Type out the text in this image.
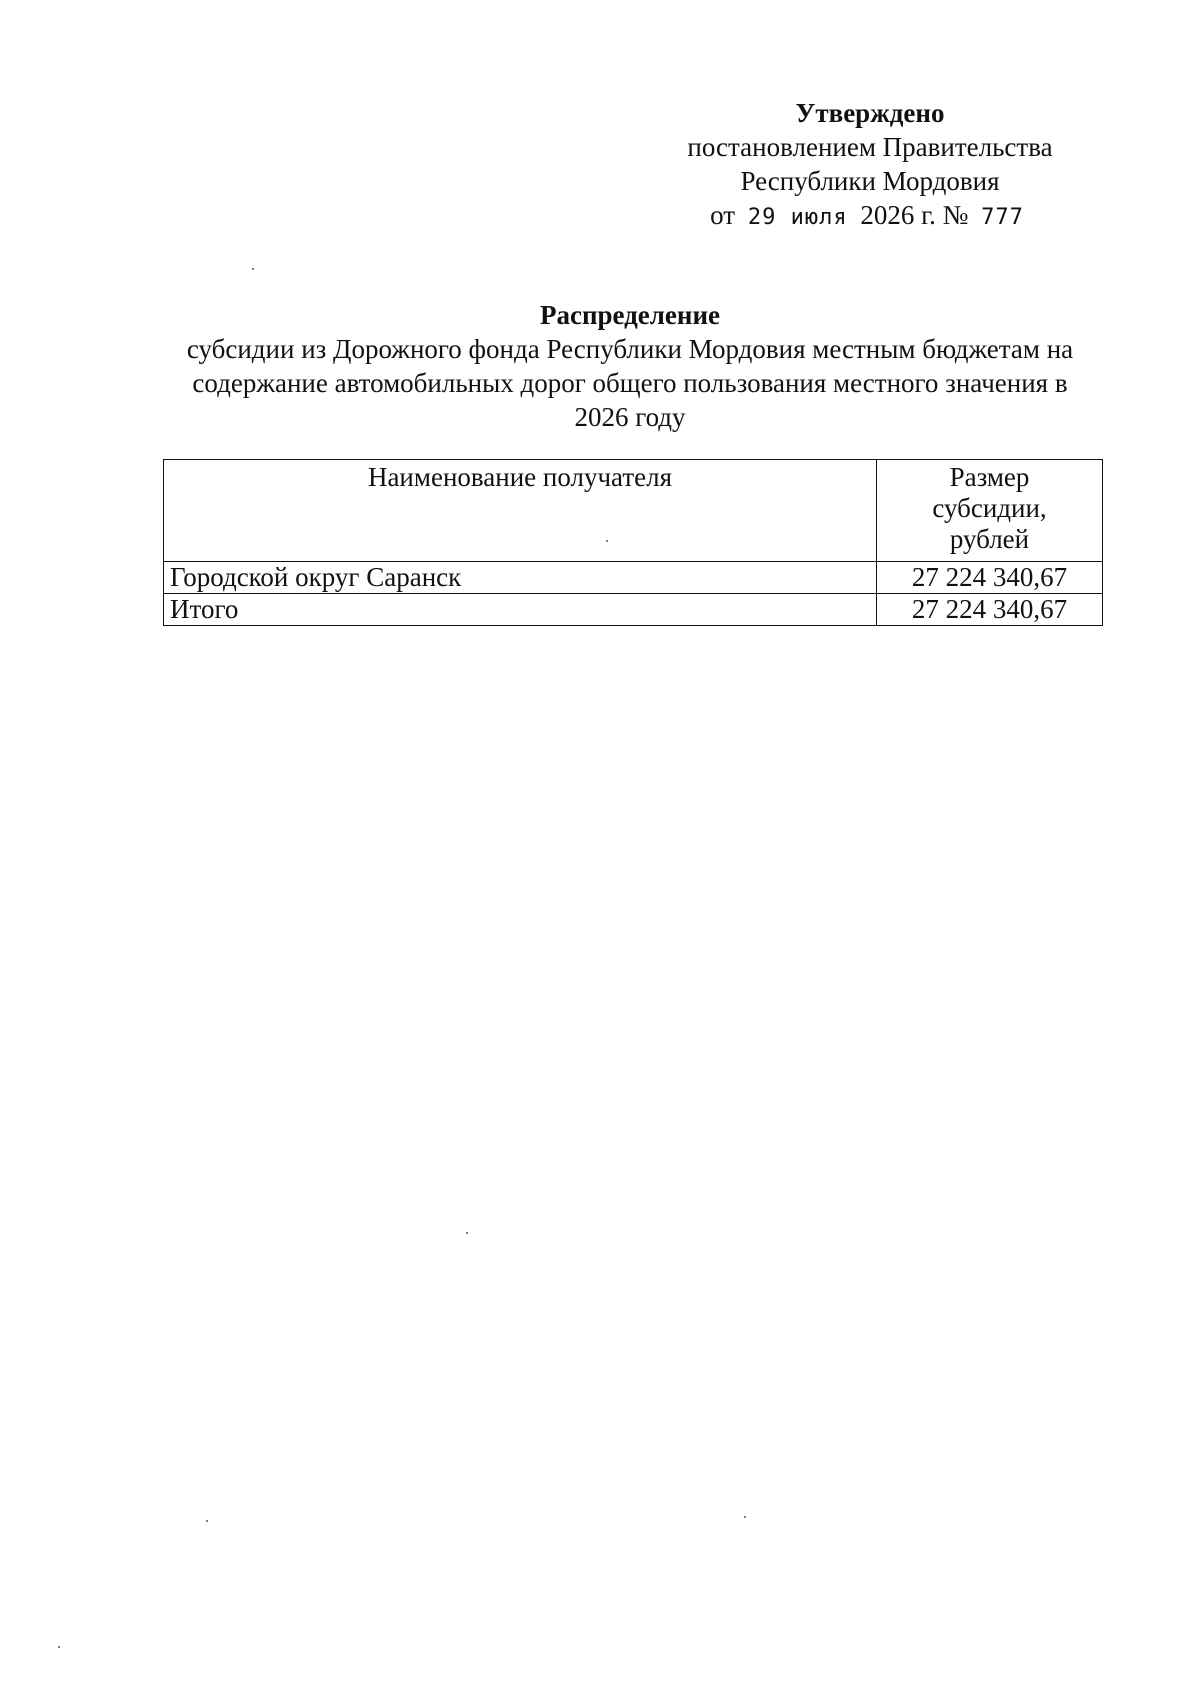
Утверждено
постановлением Правительства
Республики Мордовия
от 29 июля 2026 г. № 777
Распределение
субсидии из Дорожного фонда Республики Мордовия местным бюджетам на
содержание автомобильных дорог общего пользования местного значения в
2026 году
Наименование получателя	Размер
субсидии,
рублей
Городской округ Саранск	27 224 340,67
Итого	27 224 340,67
